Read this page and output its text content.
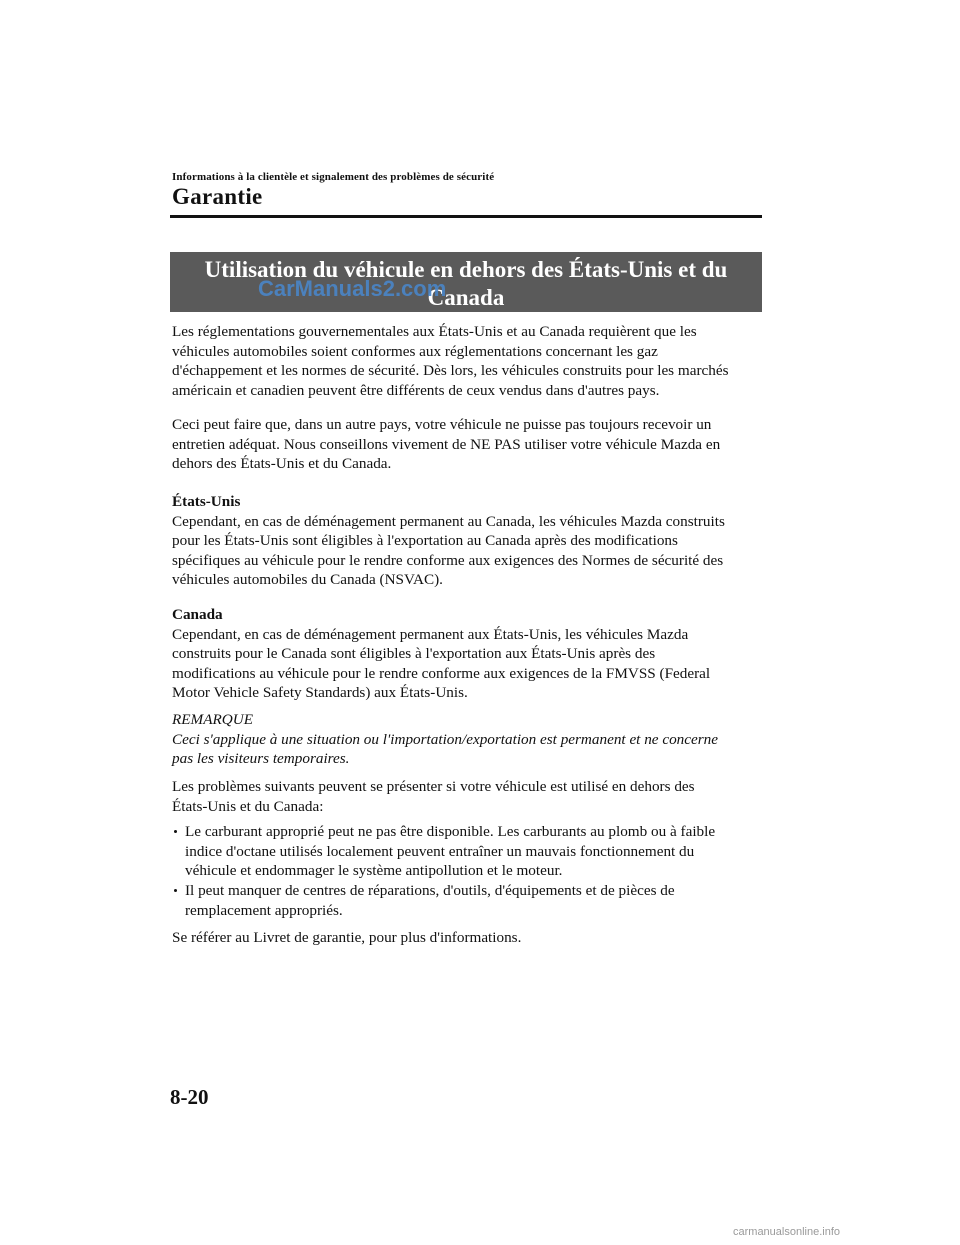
Informations à la clientèle et signalement des problèmes de sécurité
Garantie
Utilisation du véhicule en dehors des États-Unis et du
Canada
CarManuals2.com

Les réglementations gouvernementales aux États-Unis et au Canada requièrent que les

véhicules automobiles soient conformes aux réglementations concernant les gaz

d'échappement et les normes de sécurité. Dès lors, les véhicules construits pour les marchés

américain et canadien peuvent être différents de ceux vendus dans d'autres pays.

Ceci peut faire que, dans un autre pays, votre véhicule ne puisse pas toujours recevoir un

entretien adéquat. Nous conseillons vivement de NE PAS utiliser votre véhicule Mazda en

dehors des États-Unis et du Canada.

États-Unis

Cependant, en cas de déménagement permanent au Canada, les véhicules Mazda construits

pour les États-Unis sont éligibles à l'exportation au Canada après des modifications

spécifiques au véhicule pour le rendre conforme aux exigences des Normes de sécurité des

véhicules automobiles du Canada (NSVAC).

Canada

Cependant, en cas de déménagement permanent aux États-Unis, les véhicules Mazda

construits pour le Canada sont éligibles à l'exportation aux États-Unis après des

modifications au véhicule pour le rendre conforme aux exigences de la FMVSS (Federal

Motor Vehicle Safety Standards) aux États-Unis.

REMARQUE

Ceci s'applique à une situation ou l'importation/exportation est permanent et ne concerne

pas les visiteurs temporaires.

Les problèmes suivants peuvent se présenter si votre véhicule est utilisé en dehors des

États-Unis et du Canada:

Le carburant approprié peut ne pas être disponible. Les carburants au plomb ou à faible

indice d'octane utilisés localement peuvent entraîner un mauvais fonctionnement du

véhicule et endommager le système antipollution et le moteur.

Il peut manquer de centres de réparations, d'outils, d'équipements et de pièces de

remplacement appropriés.

Se référer au Livret de garantie, pour plus d'informations.

8-20
carmanualsonline.info
